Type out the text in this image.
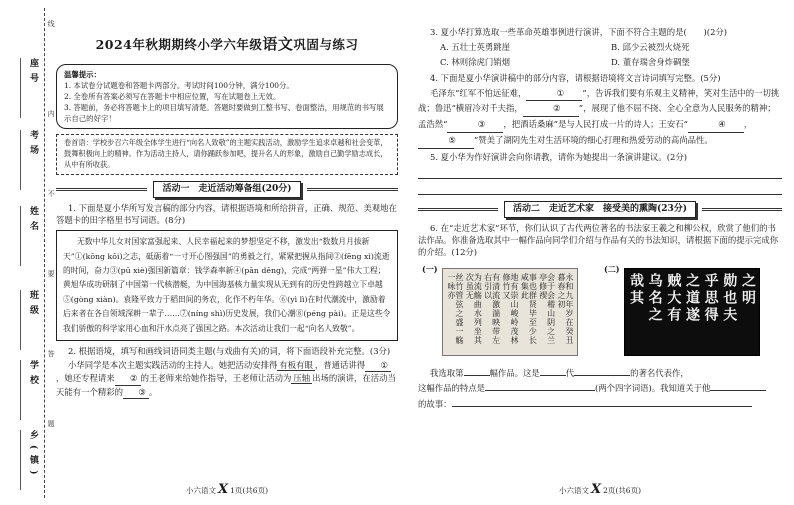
座号
考场
姓名
班级
学校
乡(镇)
线
内
不
要
答
题
2024年秋期期终小学六年级语文巩固与练习
温馨提示：
1. 本试卷分试题卷和答题卡两部分。考试时间100分钟，满分100分。
2. 全卷所有答案必须写在答题卡中相应位置，写在试题卷上无效。
3. 答题前，务必将答题卡上的项目填写清楚。答题时要做到工整书写、卷面整洁，用规范的书写展示自己的好字！
卷首语：学校步召六年级全体学生进行“向名人致敬”的主题实践活动，激励学生追求卓越和社会变革，鼓舞积极向上的精神。作为活动主持人，请你踊跃参加吧，提升名人的形象，激励自己勤学励志成长，从中有所收获。
活动一　走近活动筹备组(20分)

1. 下面是夏小华所写发言稿的部分内容，请根据语境和所给拼音，正确、规范、美观地在答题卡的田字格里书写词语。(8分)

无数中华儿女对国家富强起来、人民幸福起来的梦想坚定不移，激发出“数数月月拔新天”①(kōng kōi)之志，砥砺着“一寸开心图强国”的勇毅之行，紧紧把握从指间②(fēng xì)流逝的时间，奋力③(pū xiè)强国新篇章：钱学森率新④(pān dēng)，完成“两弹一星”伟大工程；黄旭华成功研制了中国第一代核潜艇，为中国海基核力量实现从无到有的历史性跨越立下卓越⑤(gòng xiàn)。袁隆平致力于稻田间的务农，化作不朽年华。⑥(yì lì)在时代潮流中，激励着后来者在各自领域深耕一辈子……⑦(níng shì)历史发展，我们心潮⑧(péng pài)。正是这些令我们骄傲的科学家用心血和汗水点亮了强国之路。本次活动让我们一起“向名人致敬”。

2. 根据语境，填写和画线词语同类主题(与戏曲有关)的词，将下面语段补充完整。(3分)

小华同学是本次主题实践活动的主持人。她把活动安排得 有板有眼 ，普通话讲得 ①，她还专程请来 ② 的王老师来给她作指导，王老师让活动为 压轴 出场的演讲，在活动当天能有一个精彩的 ③ 。

小六语文 X 1页(共6页)

3. 夏小华打算选取一些革命英雄事例进行演讲，下面不符合主题的是(　　)(2分)

A. 五壮士英勇跳崖	B. 邱少云被烈火烧死
C. 林则徐虎门销烟	D. 董存瑞舍身炸碉堡

4. 下面是夏小华演讲稿中的部分内容，请根据语境将文言诗词填写完整。(5分)

毛泽东“红军不怕远征难，	① ”，告诉我们要有乐观主义精神，笑对生活中的一切挑战；鲁迅“横眉冷对千夫指，	② ”，展现了他不屈不挠、全心全意为人民服务的精神；孟浩然“	③ ，把酒话桑麻”是与人民打成一片的诗人；王安石“	④ ，⑤ ”赞美了湖阴先生对生活环境的细心打理和热爱劳动的高尚品性。

5. 夏小华为作好演讲会向你请教，请你为她提出一条演讲建议。(2分)

活动二　走近艺术家　接受美的熏陶(23分)

6. 在“走近艺术家”环节，你们认识了古代两位著名的书法家王羲之和柳公权，欣赏了他们的书法作品。你准备选取其中一幅作品向同学们介绍与作品有关的书法知识，请根据下面的提示完成你的介绍。(12分)

(一)
永和九年岁在癸丑暮春之初
会于会稽山阴之兰亭修禊
事也群贤毕至少长咸集此
地有崇山峻岭茂林修竹又
有清流激湍映带左右引以
为流觞曲水列坐其次虽无
丝竹管弦之盛一觞一咏亦
(二)
之明
勋也夫
乎思得
之道遂
贼大有
乌名之
哉其

我选取第	幅作品。这是	代	的著名代表作，
这幅作品的特点是	(两个四字词语)。我知道关于他
的故事：

小六语文 X 2页(共6页)
